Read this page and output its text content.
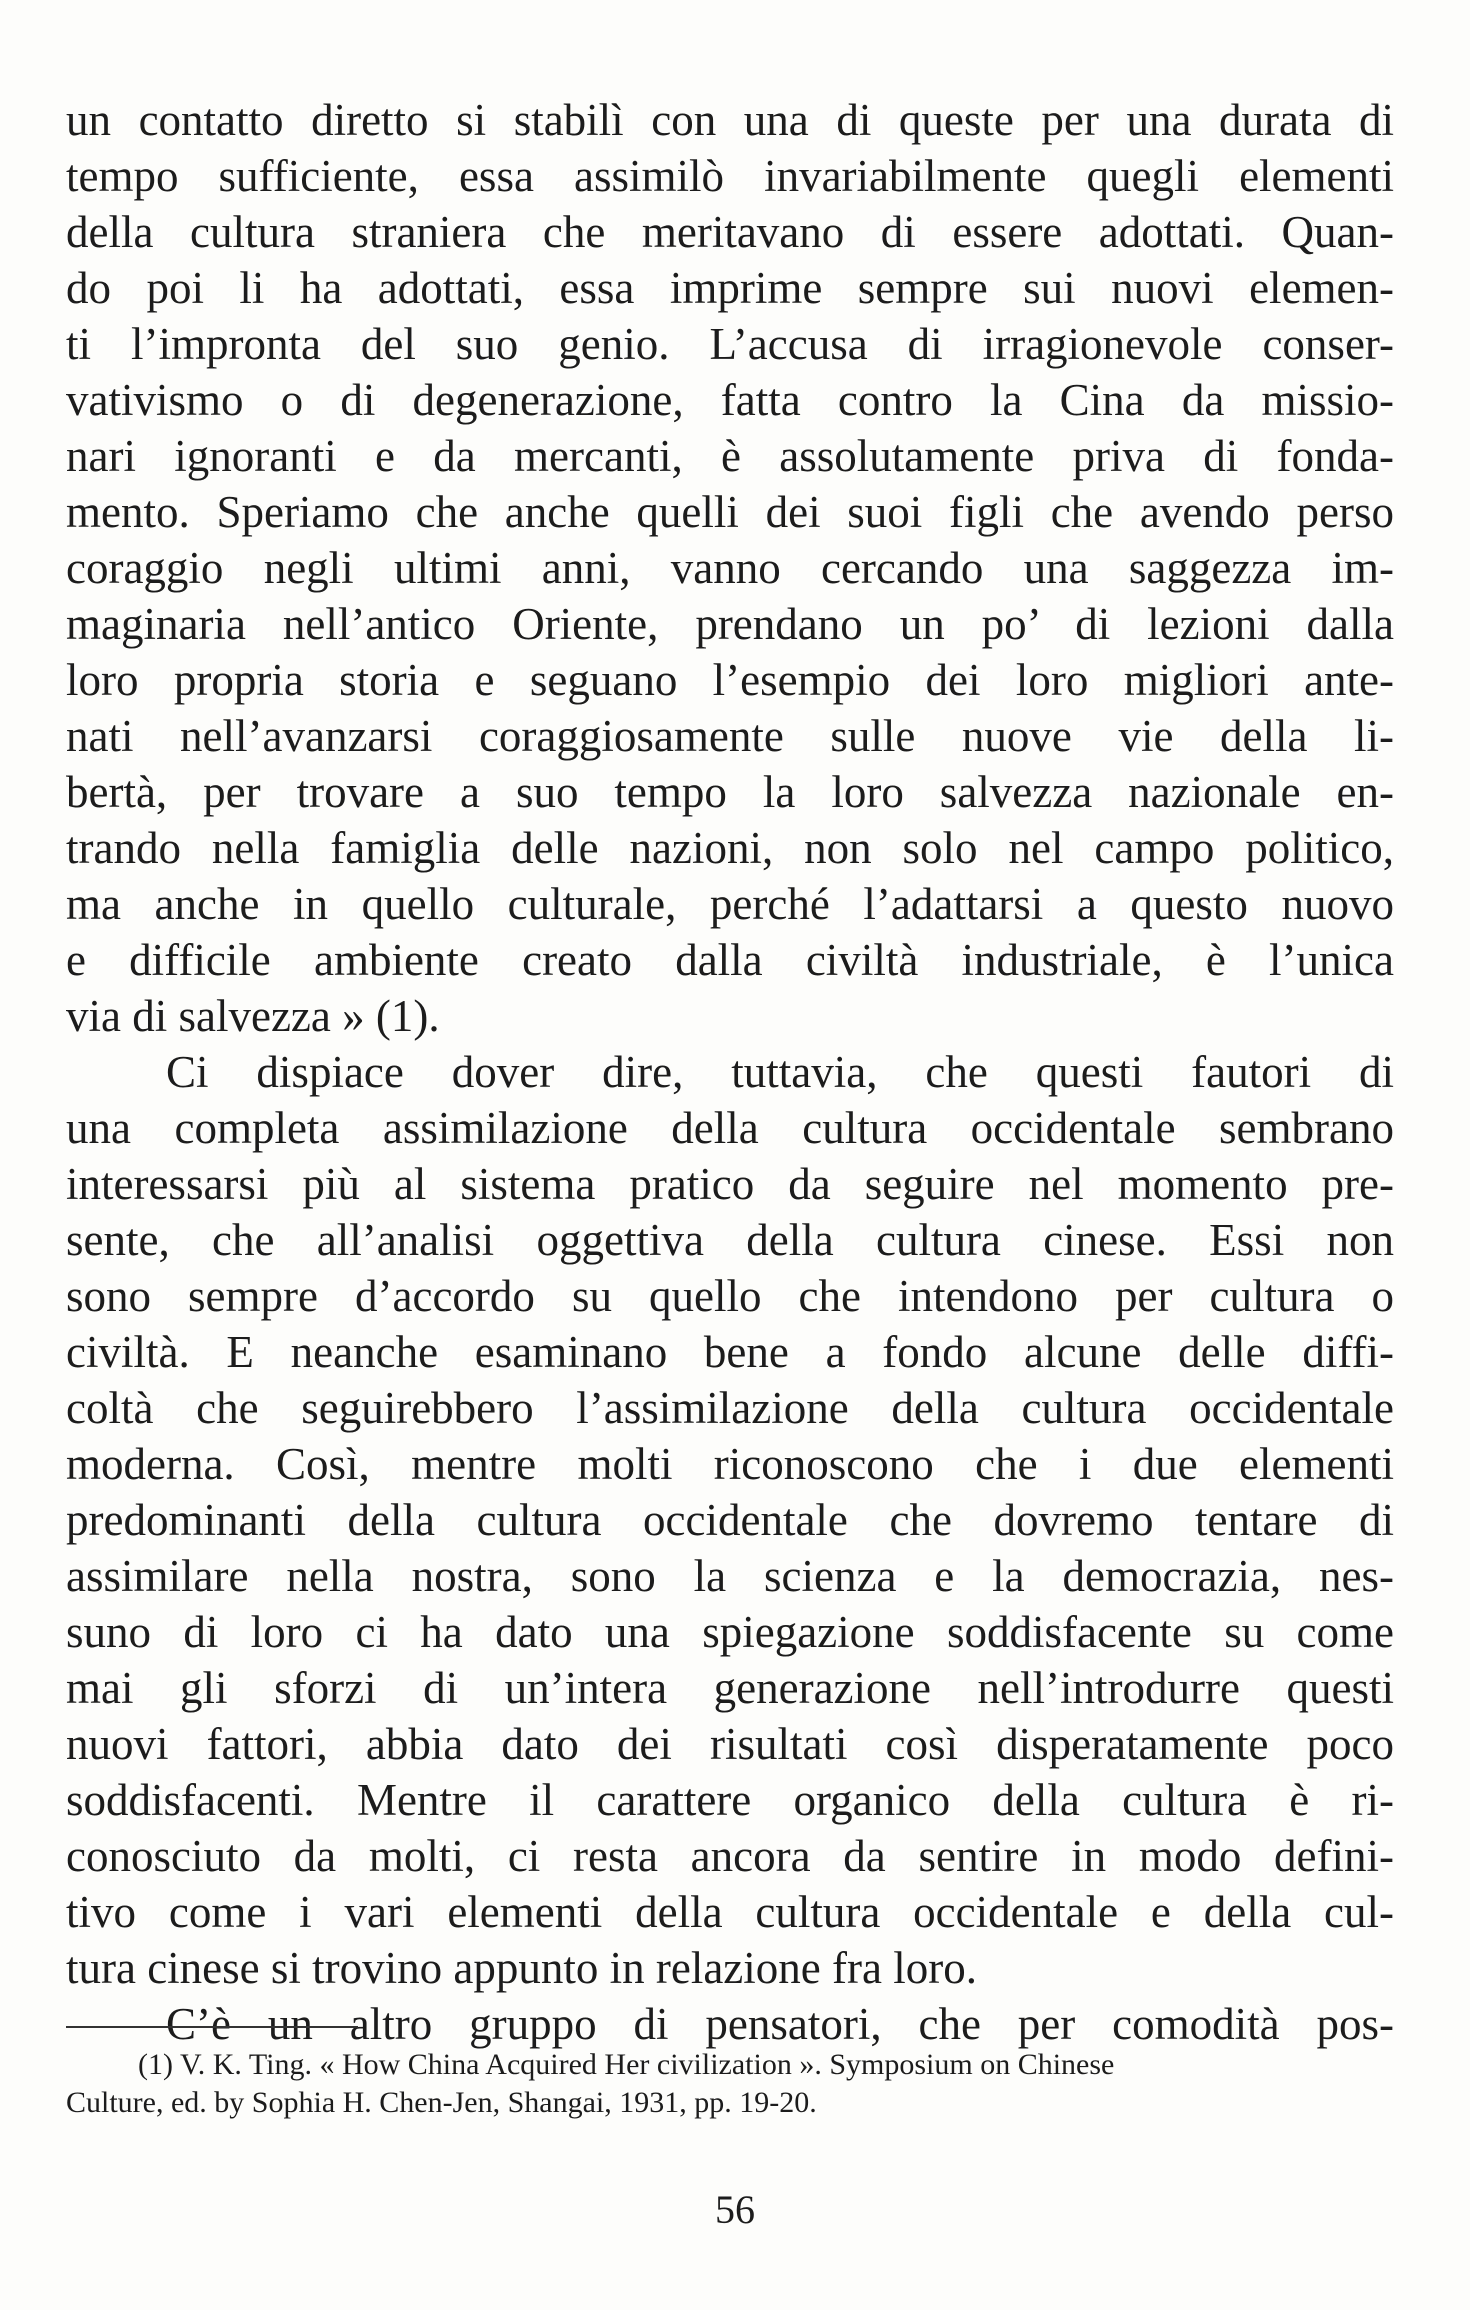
un contatto diretto si stabilì con una di queste per una durata di
tempo sufficiente, essa assimilò invariabilmente quegli elementi
della cultura straniera che meritavano di essere adottati. Quan-
do poi li ha adottati, essa imprime sempre sui nuovi elemen-
ti l’impronta del suo genio. L’accusa di irragionevole conser-
vativismo o di degenerazione, fatta contro la Cina da missio-
nari ignoranti e da mercanti, è assolutamente priva di fonda-
mento. Speriamo che anche quelli dei suoi figli che avendo perso
coraggio negli ultimi anni, vanno cercando una saggezza im-
maginaria nell’antico Oriente, prendano un po’ di lezioni dalla
loro propria storia e seguano l’esempio dei loro migliori ante-
nati nell’avanzarsi coraggiosamente sulle nuove vie della li-
bertà, per trovare a suo tempo la loro salvezza nazionale en-
trando nella famiglia delle nazioni, non solo nel campo politico,
ma anche in quello culturale, perché l’adattarsi a questo nuovo
e difficile ambiente creato dalla civiltà industriale, è l’unica
via di salvezza » (1).
Ci dispiace dover dire, tuttavia, che questi fautori di
una completa assimilazione della cultura occidentale sembrano
interessarsi più al sistema pratico da seguire nel momento pre-
sente, che all’analisi oggettiva della cultura cinese. Essi non
sono sempre d’accordo su quello che intendono per cultura o
civiltà. E neanche esaminano bene a fondo alcune delle diffi-
coltà che seguirebbero l’assimilazione della cultura occidentale
moderna. Così, mentre molti riconoscono che i due elementi
predominanti della cultura occidentale che dovremo tentare di
assimilare nella nostra, sono la scienza e la democrazia, nes-
suno di loro ci ha dato una spiegazione soddisfacente su come
mai gli sforzi di un’intera generazione nell’introdurre questi
nuovi fattori, abbia dato dei risultati così disperatamente poco
soddisfacenti. Mentre il carattere organico della cultura è ri-
conosciuto da molti, ci resta ancora da sentire in modo defini-
tivo come i vari elementi della cultura occidentale e della cul-
tura cinese si trovino appunto in relazione fra loro.
C’è un altro gruppo di pensatori, che per comodità pos-
(1) V. K. Ting. « How China Acquired Her civilization ». Symposium on Chinese
Culture, ed. by Sophia H. Chen-Jen, Shangai, 1931, pp. 19-20.
56
